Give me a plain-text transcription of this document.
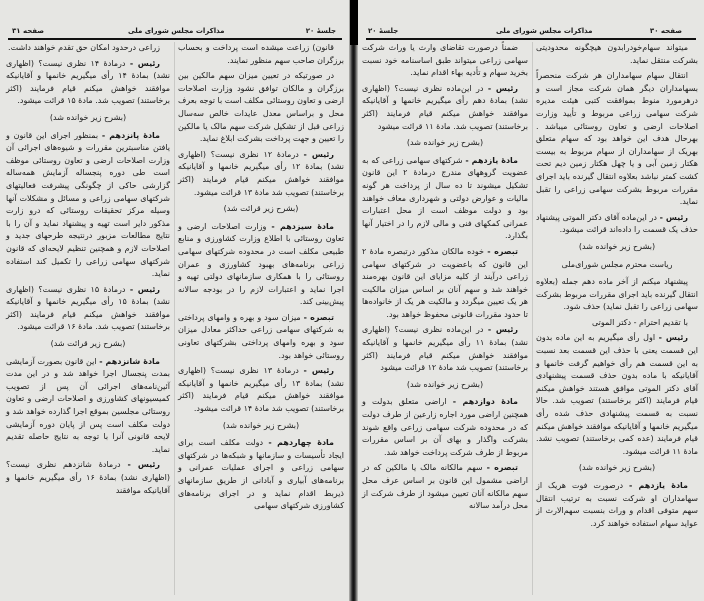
صفحه ۳۱	مذاکرات مجلس شورای ملی	جلسهٔ ۲۰

قانون) زراعت میشده است پرداخت و بحساب برزگران صاحب سهم منظور نمایند.

در صورتیکه در تعیین میزان سهم مالکین بین برزگران و مالکان توافق نشود وزارت اصلاحات ارضی و تعاون روستائی مکلف است با توجه بعرف محل و براساس معدل عایدات خالص سه‌سال زراعی قبل از تشکیل شرکت سهم مالک یا مالکین را تعیین و جهت پرداخت بشرکت ابلاغ نماید.

رئیس - درمادهٔ ۱۲ نظری نیست؟ (اظهاری نشد) بمادهٔ ۱۲ رأی میگیریم خانمها و آقایانیکه موافقند خواهش میکنم قیام فرمایند (اکثر برخاستند) تصویب شد مادهٔ ۱۳ قرائت میشود.

(بشرح زیر قرائت شد)

مادهٔ سیزدهم - وزارت اصلاحات ارضی و تعاون روستائی با اطلاع وزارت کشاورزی و منابع طبیعی مکلف است در محدوده شرکتهای سهامی زراعی برنامه‌های بهبود کشاورزی و عمران روستائی را با همکاری سازمانهای دولتی تهیه و اجرا نماید و اعتبارات لازم را در بودجه سالانه پیش‌بینی کند.

تبصره - میزان سود و بهره و وامهای پرداختی به شرکتهای سهامی زراعی حداکثر معادل میزان سود و بهره وامهای پرداختی بشرکتهای تعاونی روستائی خواهد بود.

رئیس - درمادهٔ ۱۳ نظری نیست؟ (اظهاری نشد) بمادهٔ ۱۳ رأی میگیریم خانمها و آقایانیکه موافقند خواهش میکنم قیام فرمایند (اکثر برخاستند) تصویب شد مادهٔ ۱۴ قرائت میشود.

(بشرح زیر خوانده شد)

مادهٔ چهاردهم - دولت مکلف است برای ایجاد تأسیسات و سازمانها و شبکه‌ها در شرکتهای سهامی زراعی و اجرای عملیات عمرانی و برنامه‌های آبیاری و آبادانی از طریق سازمانهای ذیربط اقدام نماید و در اجرای برنامه‌های کشاورزی شرکتهای سهامی

زراعی درحدود امکان حق تقدم خواهند داشت.

رئیس - درمادهٔ ۱۴ نظری نیست؟ (اظهاری نشد) بمادهٔ ۱۴ رأی میگیریم خانمها و آقایانیکه موافقند خواهش میکنم قیام فرمایند (اکثر برخاستند) تصویب شد. مادهٔ ۱۵ قرائت میشود.

(بشرح زیر خوانده شد)

مادهٔ پانزدهم - بمنظور اجرای این قانون و یافتن مناسبترین مقررات و شیوه‌های اجرائی آن وزارت اصلاحات ارضی و تعاون روستائی موظف است طی دوره پنجساله آزمایش همه‌ساله گزارشی حاکی از چگونگی پیشرفت فعالیتهای شرکتهای سهامی زراعی و مسائل و مشکلات آنها وسیله مرکز تحقیقات روستائی که درو زارت مذکور دایر است تهیه و پیشنهاد نماید و آن را با نتایج مطالعات مزبور درنتیجه طرحهای جدید و اصلاحات لازم و همچنین تنظیم لایحه‌ای که قانون شرکتهای سهامی زراعی را تکمیل کند استفاده نماید.

رئیس - درمادهٔ ۱۵ نظری نیست؟ (اظهاری نشد) بمادهٔ ۱۵ رأی میگیریم خانمها و آقایانیکه موافقند خواهش میکنم قیام فرمایند (اکثر برخاستند) تصویب شد. مادهٔ ۱۶ قرائت میشود.

(بشرح زیر قرائت شد)

مادهٔ شانزدهم - این قانون بصورت آزمایشی بمدت پنجسال اجرا خواهد شد و در این مدت آئین‌نامه‌های اجرائی آن پس از تصویب کمیسیونهای کشاورزی و اصلاحات ارضی و تعاون روستائی مجلسین بموقع اجرا گذارده خواهد شد و دولت مکلف است پس از پایان دوره آزمایشی لایحه قانونی آنرا با توجه به نتایج حاصله تقدیم نماید.

رئیس - درمادهٔ شانزدهم نظری نیست؟ (اظهاری نشد) بمادهٔ ۱۶ رأی میگیریم خانمها و آقایانیکه موافقند

جلسهٔ ۲۰	مذاکرات مجلس شورای ملی	صفحه ۳۰

میتواند سهام‌خودرابدون هیچگونه محدودیتی بشرکت منتقل نماید.

انتقال سهام سهامداران هر شرکت منحصراً بسهامداران دیگر همان شرکت مجاز است و درهرمورد منوط بموافقت کتبی هیئت مدیره شرکت سهامی زراعی مربوط و تأیید وزارت اصلاحات ارضی و تعاون روستائی میباشد . بهرحال هدف این خواهد بود که سهام متعلق بهریک از سهامداران از سهام مربوط به بیست هکتار زمین آبی و یا چهل هکتار زمین دیم تحت کشت کمتر نباشد بعلاوه انتقال گیرنده باید اجرای مقررات مربوط بشرکت سهامی زراعی را تقبل نماید.

رئیس - در این‌ماده آقای دکتر الموتی پیشنهاد حذف یک قسمت را داده‌اند قرائت میشود.

(بشرح زیر خوانده شد)

ریاست محترم مجلس شورای‌ملی

پیشنهاد میکنم از آخر ماده دهم جمله (بعلاوه انتقال گیرنده باید اجرای مقررات مربوط بشرکت سهامی زراعی را تقبل نماید) حذف شود.

با تقدیم احترام - دکتر الموتی

رئیس - اول رأی میگیریم به این ماده بدون این قسمت یعنی با حذف این قسمت بعد نسبت به این قسمت هم رأی خواهیم گرفت خانمها و آقایانیکه با ماده بدون حذف قسمت پیشنهادی آقای دکتر الموتی موافق هستند خواهش میکنم قیام فرمایند (اکثر برخاستند) تصویب شد. حالا نسبت به قسمت پیشنهادی حذف شده رأی میگیریم خانمها و آقایانیکه موافقند خواهش میکنم قیام فرمایند (عده کمی برخاستند) تصویب نشد. مادهٔ ۱۱ قرائت میشود.

(بشرح زیر خوانده شد)

مادهٔ یازدهم - درصورت فوت هریک از سهامداران او شرکت نسبت به ترتیب انتقال سهم متوفی اقدام و وراث بنسبت سهم‌الارث از عواید سهام استفاده خواهند کرد.

ضمناً درصورت تقاضای وارث یا وراث شرکت سهامی زراعی میتواند طبق اساسنامه خود نسبت بخرید سهام و تأدیه بهاء اقدام نماید.

رئیس - در این‌ماده نظری نیست؟ (اظهاری نشد) بمادهٔ دهم رأی میگیریم خانمها و آقایانیکه موافقند خواهش میکنم قیام فرمایند (اکثر برخاستند) تصویب شد. مادهٔ ۱۱ قرائت میشود

(بشرح زیر خوانده شد)

مادهٔ یازدهم - شرکتهای سهامی زراعی که به عضویت گروههای مندرج درمادهٔ ۲ این قانون تشکیل میشوند تا ده سال از پرداخت هر گونه مالیات و عوارض دولتی و شهرداری معاف خواهند بود و دولت موظف است از محل اعتبارات عمرانی کمکهای فنی و مالی لازم را در اختیار آنها بگذارد.

تبصره - خوده مالکان مذکور درتبصره مادهٔ ۲ این قانون که باعضویت در شرکتهای سهامی زراعی درآیند از کلیه مزایای این قانون بهره‌مند خواهند شد و سهم آنان بر اساس میزان مالکیت هر یک تعیین میگردد و مالکیت هر یک از خانواده‌ها تا حدود مقررات قانونی محفوظ خواهد بود.

رئیس - در این‌ماده نظری نیست؟ (اظهاری نشد) بمادهٔ ۱۱ رأی میگیریم خانمها و آقایانیکه موافقند خواهش میکنم قیام فرمایند (اکثر برخاستند) تصویب شد مادهٔ ۱۲ قرائت میشود

(بشرح زیر خوانده شد)

مادهٔ دوازدهم - اراضی متعلق بدولت و همچنین اراضی مورد اجاره زارعین از طرف دولت که در محدوده شرکت سهامی زراعی واقع شوند بشرکت واگذار و بهای آن بر اساس مقررات مربوط از طرف شرکت پرداخت خواهد شد.

تبصره - سهم مالکانه مالک یا مالکین که در اراضی مشمول این قانون بر اساس عرف محل سهم مالکانه آنان تعیین میشود از طرف شرکت از محل درآمد سالانه
